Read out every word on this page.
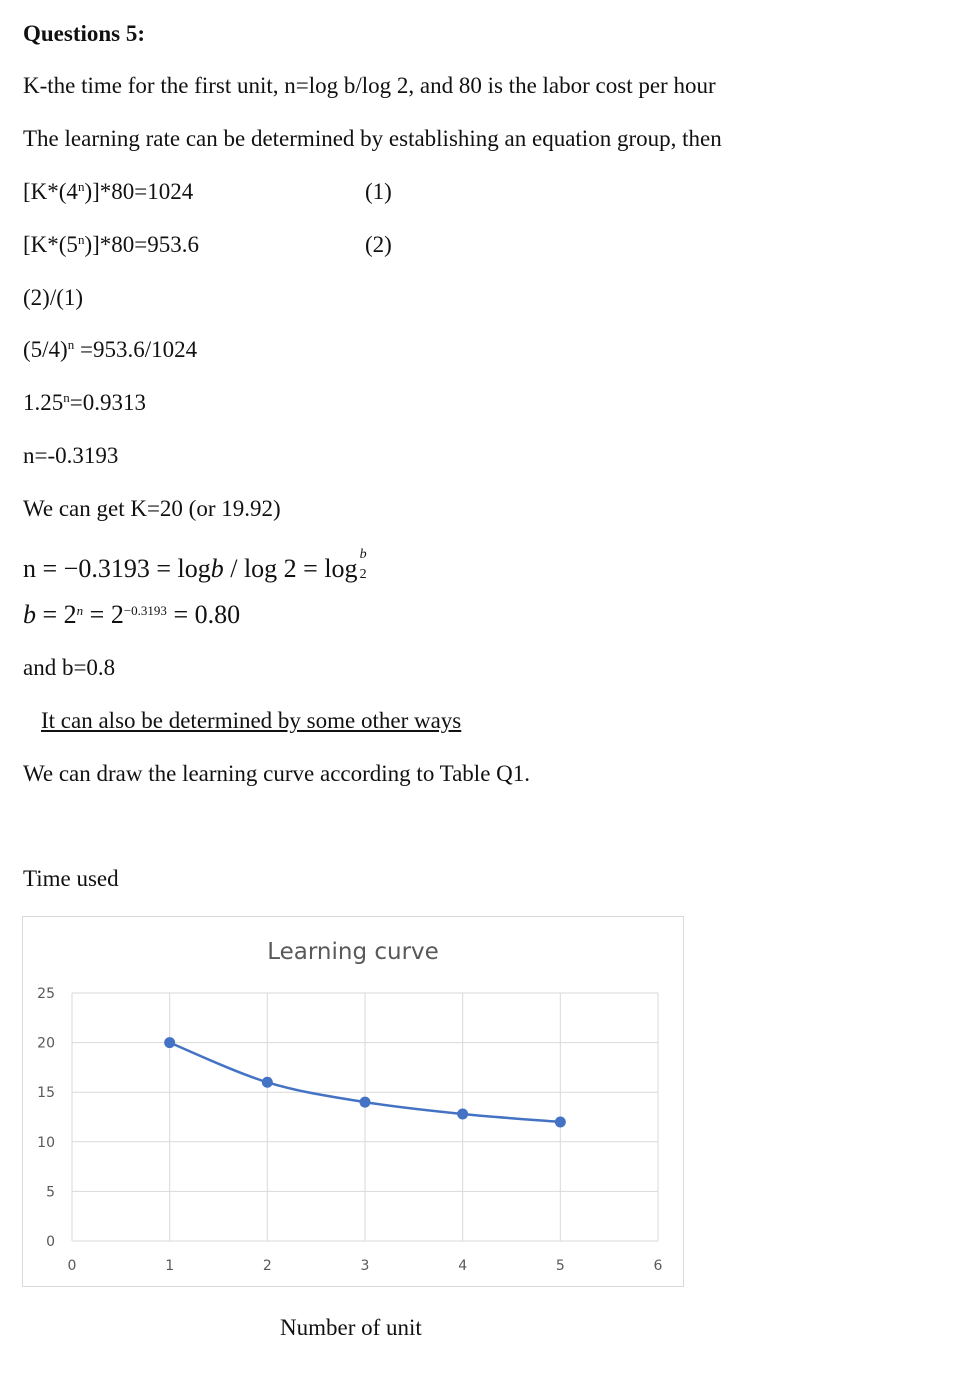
Questions 5:
K-the time for the first unit, n=log b/log 2, and 80 is the labor cost per hour
The learning rate can be determined by establishing an equation group, then
$[K*(4^n)]*80=1024$	(1)
$[K*(5^n)]*80=953.6$	(2)
(2)/(1)
$(5/4)^n =953.6/1024$
$1.25^n=0.9313$
n=-0.3193
We can get K=20 (or 19.92)
n = −0.3193 = logb / log 2 = log b
2
$b = 2^n = 2^{-0.3193} = 0.80$
and b=0.8
It can also be determined by some other ways
We can draw the learning curve according to Table Q1.
Time used
Learning curve
0	1	2	3	4	5	6
0
5
10
15
20
25
Number of unit
